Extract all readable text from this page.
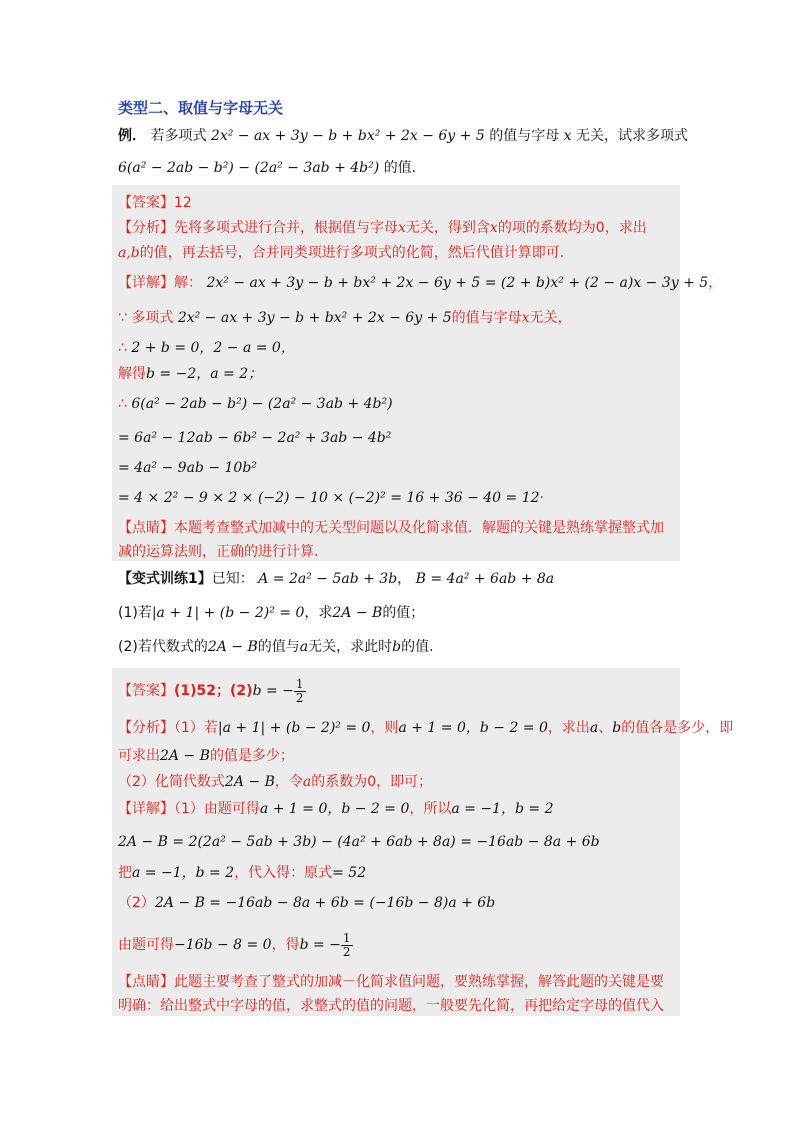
类型二、取值与字母无关
例． 若多项式 2x² − ax + 3y − b + bx² + 2x − 6y + 5 的值与字母 x 无关，试求多项式
6(a² − 2ab − b²) − (2a² − 3ab + 4b²) 的值.
【答案】12
【分析】先将多项式进行合并，根据值与字母x无关，得到含x的项的系数均为0，求出
a,b的值，再去括号，合并同类项进行多项式的化简，然后代值计算即可.
【详解】解： 2x² − ax + 3y − b + bx² + 2x − 6y + 5 = (2 + b)x² + (2 − a)x − 3y + 5，
∵ 多项式 2x² − ax + 3y − b + bx² + 2x − 6y + 5的值与字母x无关，
∴ 2 + b = 0，2 − a = 0，
解得b = −2，a = 2；
∴ 6(a² − 2ab − b²) − (2a² − 3ab + 4b²)
= 6a² − 12ab − 6b² − 2a² + 3ab − 4b²
= 4a² − 9ab − 10b²
= 4 × 2² − 9 × 2 × (−2) − 10 × (−2)² = 16 + 36 − 40 = 12·
【点睛】本题考查整式加减中的无关型问题以及化简求值．解题的关键是熟练掌握整式加
减的运算法则，正确的进行计算.
【变式训练1】已知： A = 2a² − 5ab + 3b， B = 4a² + 6ab + 8a
(1)若|a + 1| + (b − 2)² = 0，求2A − B的值；
(2)若代数式的2A − B的值与a无关，求此时b的值.
【答案】(1)52；(2)b = − $\frac{1}{2}$
【分析】（1）若|a + 1| + (b − 2)² = 0，则a + 1 = 0，b − 2 = 0，求出a、b的值各是多少，即
可求出2A − B的值是多少；
（2）化简代数式2A − B，令a的系数为0，即可；
【详解】（1）由题可得a + 1 = 0，b − 2 = 0，所以a = −1，b = 2
2A − B = 2(2a² − 5ab + 3b) − (4a² + 6ab + 8a) = −16ab − 8a + 6b
把a = −1，b = 2，代入得：原式= 52
（2）2A − B = −16ab − 8a + 6b = (−16b − 8)a + 6b
由题可得−16b − 8 = 0，得b = − $\frac{1}{2}$
【点睛】此题主要考查了整式的加减－化简求值问题，要熟练掌握，解答此题的关键是要
明确：给出整式中字母的值，求整式的值的问题，一般要先化简，再把给定字母的值代入
